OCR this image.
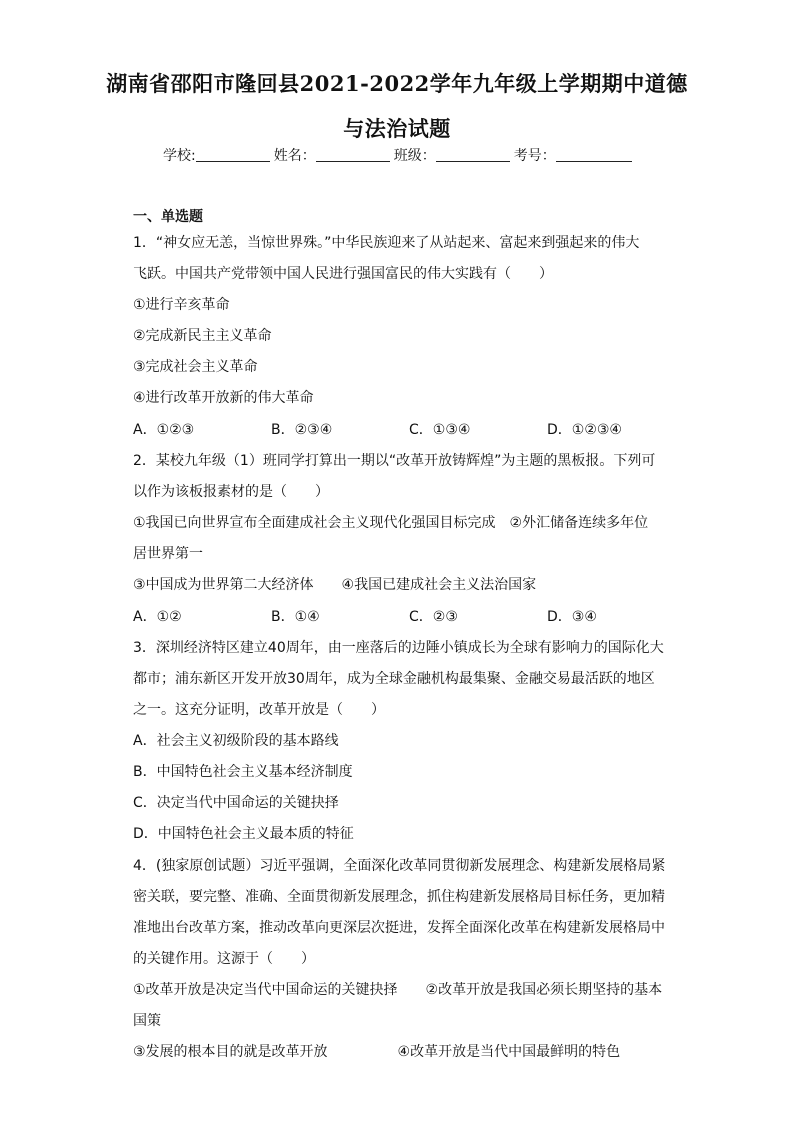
湖南省邵阳市隆回县2021-2022学年九年级上学期期中道德
与法治试题
学校:	姓名：	班级：	考号：
一、单选题
1．“神女应无恙，当惊世界殊。”中华民族迎来了从站起来、富起来到强起来的伟大
飞跃。中国共产党带领中国人民进行强国富民的伟大实践有（　　）
①进行辛亥革命
②完成新民主主义革命
③完成社会主义革命
④进行改革开放新的伟大革命
A．①②③	B．②③④	C．①③④	D．①②③④
2．某校九年级（1）班同学打算出一期以“改革开放铸辉煌”为主题的黑板报。下列可
以作为该板报素材的是（　　）
①我国已向世界宣布全面建成社会主义现代化强国目标完成　②外汇储备连续多年位
居世界第一
③中国成为世界第二大经济体　　④我国已建成社会主义法治国家
A．①②	B．①④	C．②③	D．③④
3．深圳经济特区建立40周年，由一座落后的边陲小镇成长为全球有影响力的国际化大
都市；浦东新区开发开放30周年，成为全球金融机构最集聚、金融交易最活跃的地区
之一。这充分证明，改革开放是（　　）
A．社会主义初级阶段的基本路线
B．中国特色社会主义基本经济制度
C．决定当代中国命运的关键抉择
D．中国特色社会主义最本质的特征
4．(独家原创试题）习近平强调，全面深化改革同贯彻新发展理念、构建新发展格局紧
密关联，要完整、准确、全面贯彻新发展理念，抓住构建新发展格局目标任务，更加精
准地出台改革方案，推动改革向更深层次挺进，发挥全面深化改革在构建新发展格局中
的关键作用。这源于（　　）
①改革开放是决定当代中国命运的关键抉择　　②改革开放是我国必须长期坚持的基本
国策
③发展的根本目的就是改革开放　　　　　④改革开放是当代中国最鲜明的特色
